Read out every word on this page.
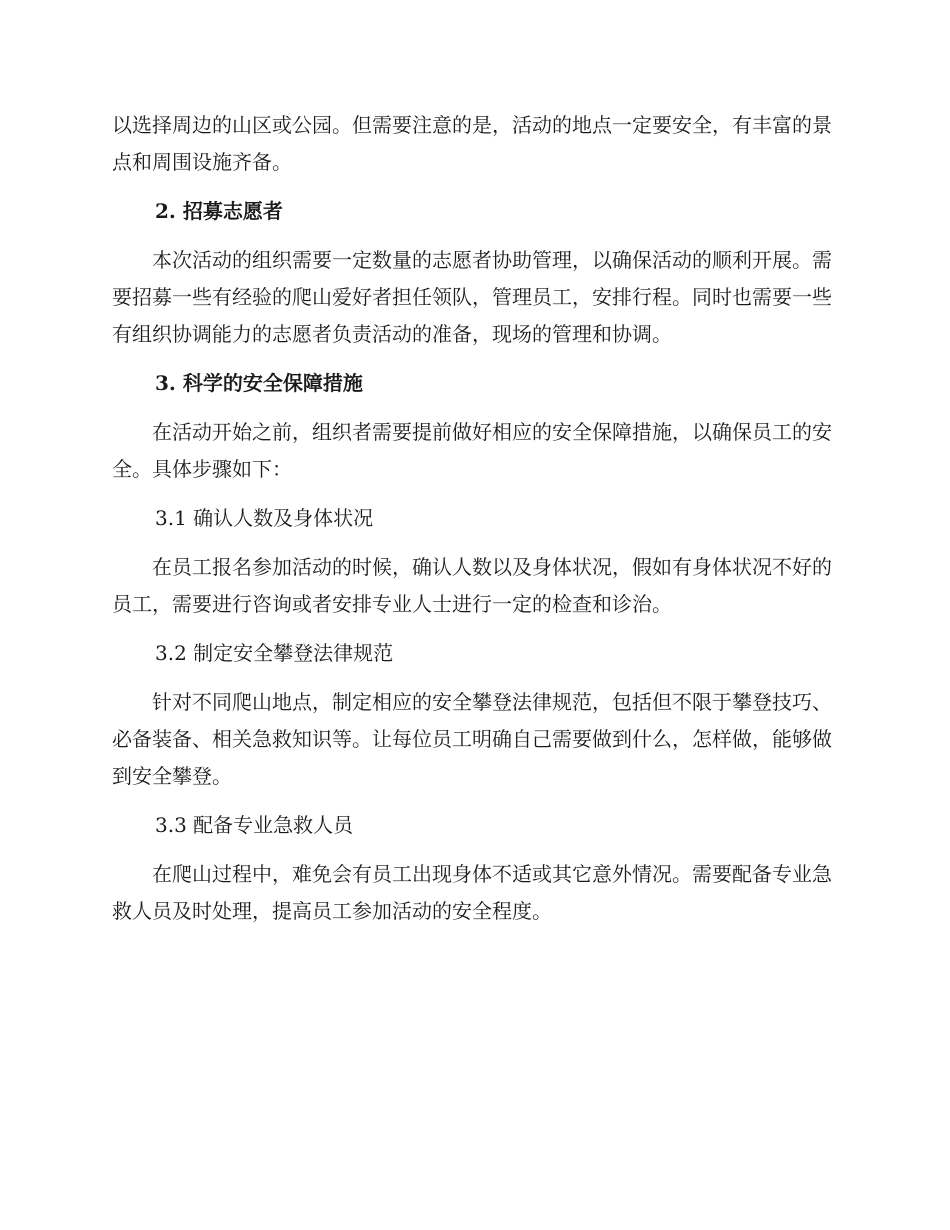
以选择周边的山区或公园。但需要注意的是，活动的地点一定要安全，有丰富的景点和周围设施齐备。

2. 招募志愿者

本次活动的组织需要一定数量的志愿者协助管理，以确保活动的顺利开展。需要招募一些有经验的爬山爱好者担任领队，管理员工，安排行程。同时也需要一些有组织协调能力的志愿者负责活动的准备，现场的管理和协调。

3. 科学的安全保障措施

在活动开始之前，组织者需要提前做好相应的安全保障措施，以确保员工的安全。具体步骤如下：

3.1 确认人数及身体状况

在员工报名参加活动的时候，确认人数以及身体状况，假如有身体状况不好的员工，需要进行咨询或者安排专业人士进行一定的检查和诊治。

3.2 制定安全攀登法律规范

针对不同爬山地点，制定相应的安全攀登法律规范，包括但不限于攀登技巧、必备装备、相关急救知识等。让每位员工明确自己需要做到什么，怎样做，能够做到安全攀登。

3.3 配备专业急救人员

在爬山过程中，难免会有员工出现身体不适或其它意外情况。需要配备专业急救人员及时处理，提高员工参加活动的安全程度。
